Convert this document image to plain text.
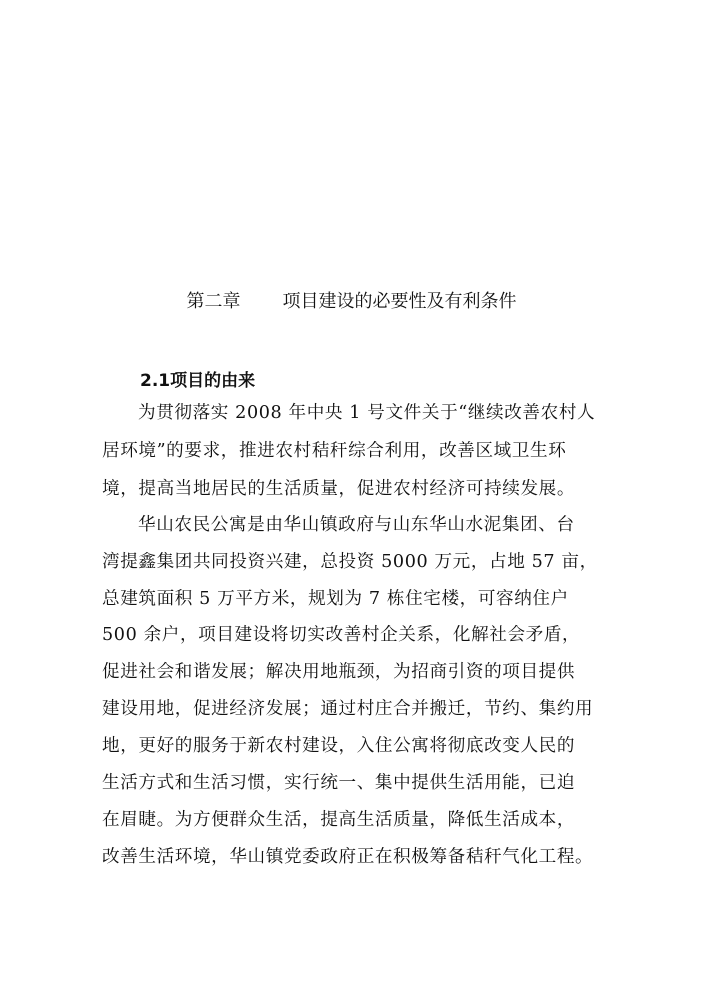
第二章 项目建设的必要性及有利条件
2.1项目的由来
为贯彻落实 2008 年中央 1 号文件关于“继续改善农村人
居环境”的要求，推进农村秸秆综合利用，改善区域卫生环
境，提高当地居民的生活质量，促进农村经济可持续发展。
华山农民公寓是由华山镇政府与山东华山水泥集团、台
湾提鑫集团共同投资兴建，总投资 5000 万元，占地 57 亩，
总建筑面积 5 万平方米，规划为 7 栋住宅楼，可容纳住户
500 余户，项目建设将切实改善村企关系，化解社会矛盾，
促进社会和谐发展；解决用地瓶颈，为招商引资的项目提供
建设用地，促进经济发展；通过村庄合并搬迁，节约、集约用
地，更好的服务于新农村建设，入住公寓将彻底改变人民的
生活方式和生活习惯，实行统一、集中提供生活用能，已迫
在眉睫。为方便群众生活，提高生活质量，降低生活成本，
改善生活环境，华山镇党委政府正在积极筹备秸秆气化工程。
